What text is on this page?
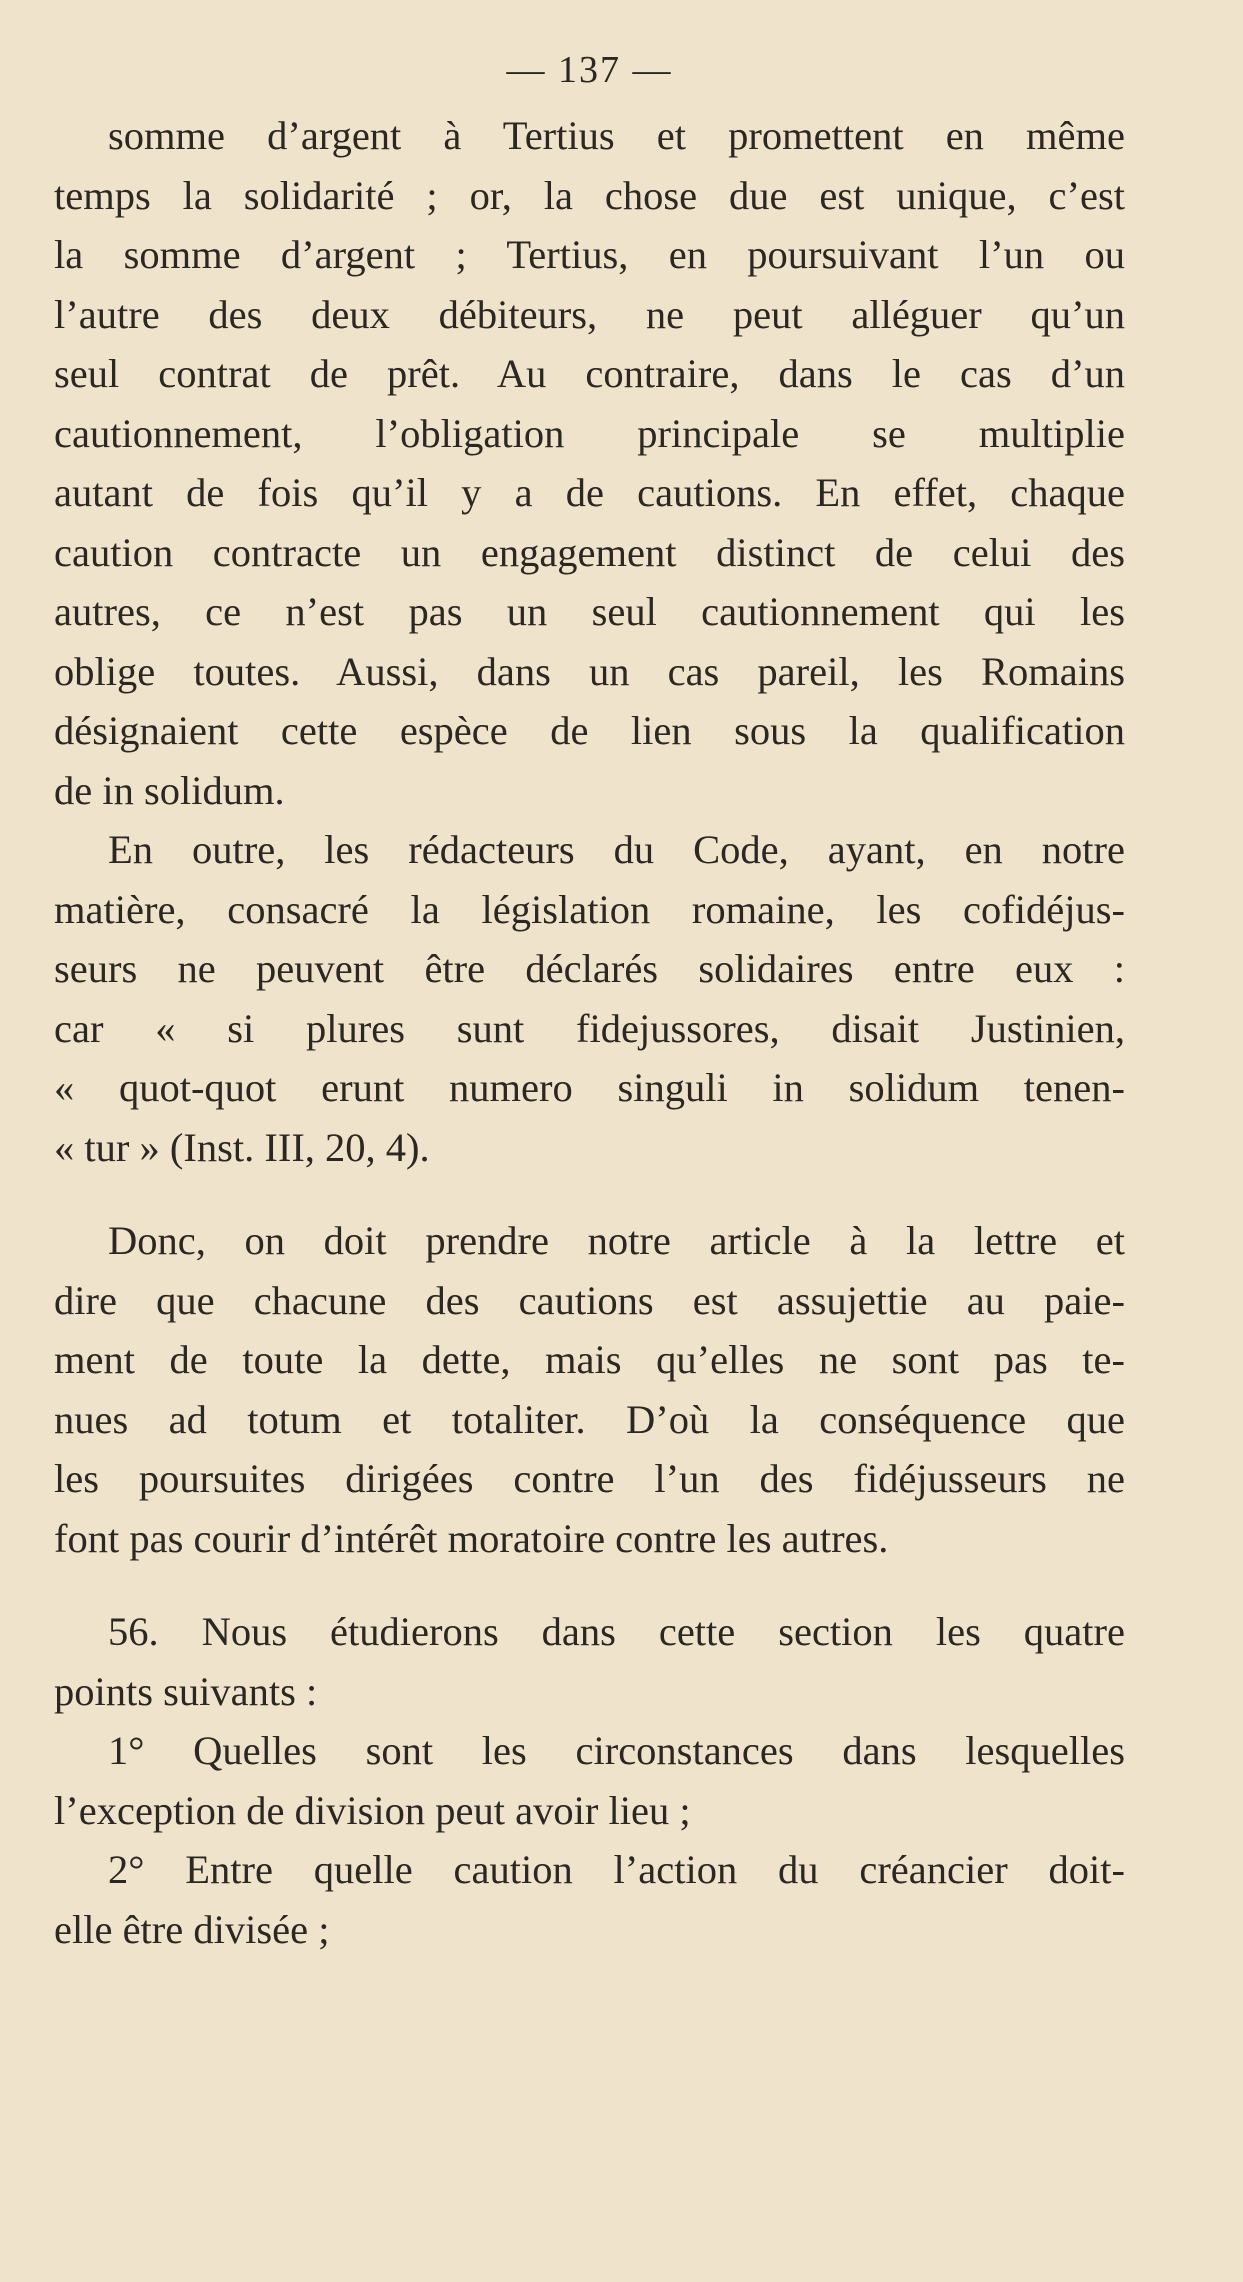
— 137 —

somme d’argent à Tertius et promettent en même
temps la solidarité ; or, la chose due est unique, c’est
la somme d’argent ; Tertius, en poursuivant l’un ou
l’autre des deux débiteurs, ne peut alléguer qu’un
seul contrat de prêt. Au contraire, dans le cas d’un
cautionnement, l’obligation principale se multiplie
autant de fois qu’il y a de cautions. En effet, chaque
caution contracte un engagement distinct de celui des
autres, ce n’est pas un seul cautionnement qui les
oblige toutes. Aussi, dans un cas pareil, les Romains
désignaient cette espèce de lien sous la qualification
de in solidum.

En outre, les rédacteurs du Code, ayant, en notre
matière, consacré la législation romaine, les cofidéjus-
seurs ne peuvent être déclarés solidaires entre eux :
car « si plures sunt fidejussores, disait Justinien,
« quot-quot erunt numero singuli in solidum tenen-
« tur » (Inst. III, 20, 4).

Donc, on doit prendre notre article à la lettre et
dire que chacune des cautions est assujettie au paie-
ment de toute la dette, mais qu’elles ne sont pas te-
nues ad totum et totaliter. D’où la conséquence que
les poursuites dirigées contre l’un des fidéjusseurs ne
font pas courir d’intérêt moratoire contre les autres.

56. Nous étudierons dans cette section les quatre
points suivants :

1° Quelles sont les circonstances dans lesquelles
l’exception de division peut avoir lieu ;

2° Entre quelle caution l’action du créancier doit-
elle être divisée ;
